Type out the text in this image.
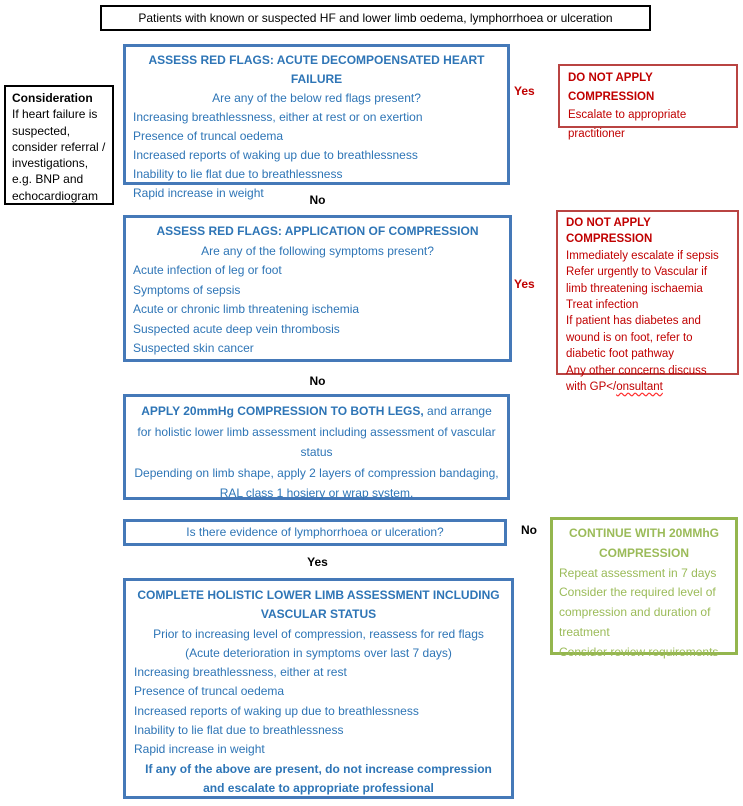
Patients with known or suspected HF and lower limb oedema, lymphorrhoea or ulceration
Consideration
If heart failure is suspected, consider referral / investigations, e.g. BNP and echocardiogram
ASSESS RED FLAGS: ACUTE DECOMPOENSATED HEART FAILURE
Are any of the below red flags present?
Increasing breathlessness, either at rest or on exertion
Presence of truncal oedema
Increased reports of waking up due to breathlessness
Inability to lie flat due to breathlessness
Rapid increase in weight
Yes
DO NOT APPLY COMPRESSION
Escalate to appropriate practitioner
No
ASSESS RED FLAGS: APPLICATION OF COMPRESSION
Are any of the following symptoms present?
Acute infection of leg or foot
Symptoms of sepsis
Acute or chronic limb threatening ischemia
Suspected acute deep vein thrombosis
Suspected skin cancer
Yes
DO NOT APPLY COMPRESSION
Immediately escalate if sepsis
Refer urgently to Vascular if limb threatening ischaemia
Treat infection
If patient has diabetes and wound is on foot, refer to diabetic foot pathway
Any other concerns discuss with GP</onsultant
No
APPLY 20mmHg COMPRESSION TO BOTH LEGS, and arrange for holistic lower limb assessment including assessment of vascular status
Depending on limb shape, apply 2 layers of compression bandaging, RAL class 1 hosiery or wrap system.
Is there evidence of lymphorrhoea or ulceration?	No	CONTINUE WITH 20MMhG COMPRESSION
Repeat assessment in 7 days
Consider the required level of compression and duration of treatment
Consider review requirements
Yes
COMPLETE HOLISTIC LOWER LIMB ASSESSMENT INCLUDING VASCULAR STATUS
Prior to increasing level of compression, reassess for red flags
(Acute deterioration in symptoms over last 7 days)
Increasing breathlessness, either at rest
Presence of truncal oedema
Increased reports of waking up due to breathlessness
Inability to lie flat due to breathlessness
Rapid increase in weight
If any of the above are present, do not increase compression and escalate to appropriate professional
